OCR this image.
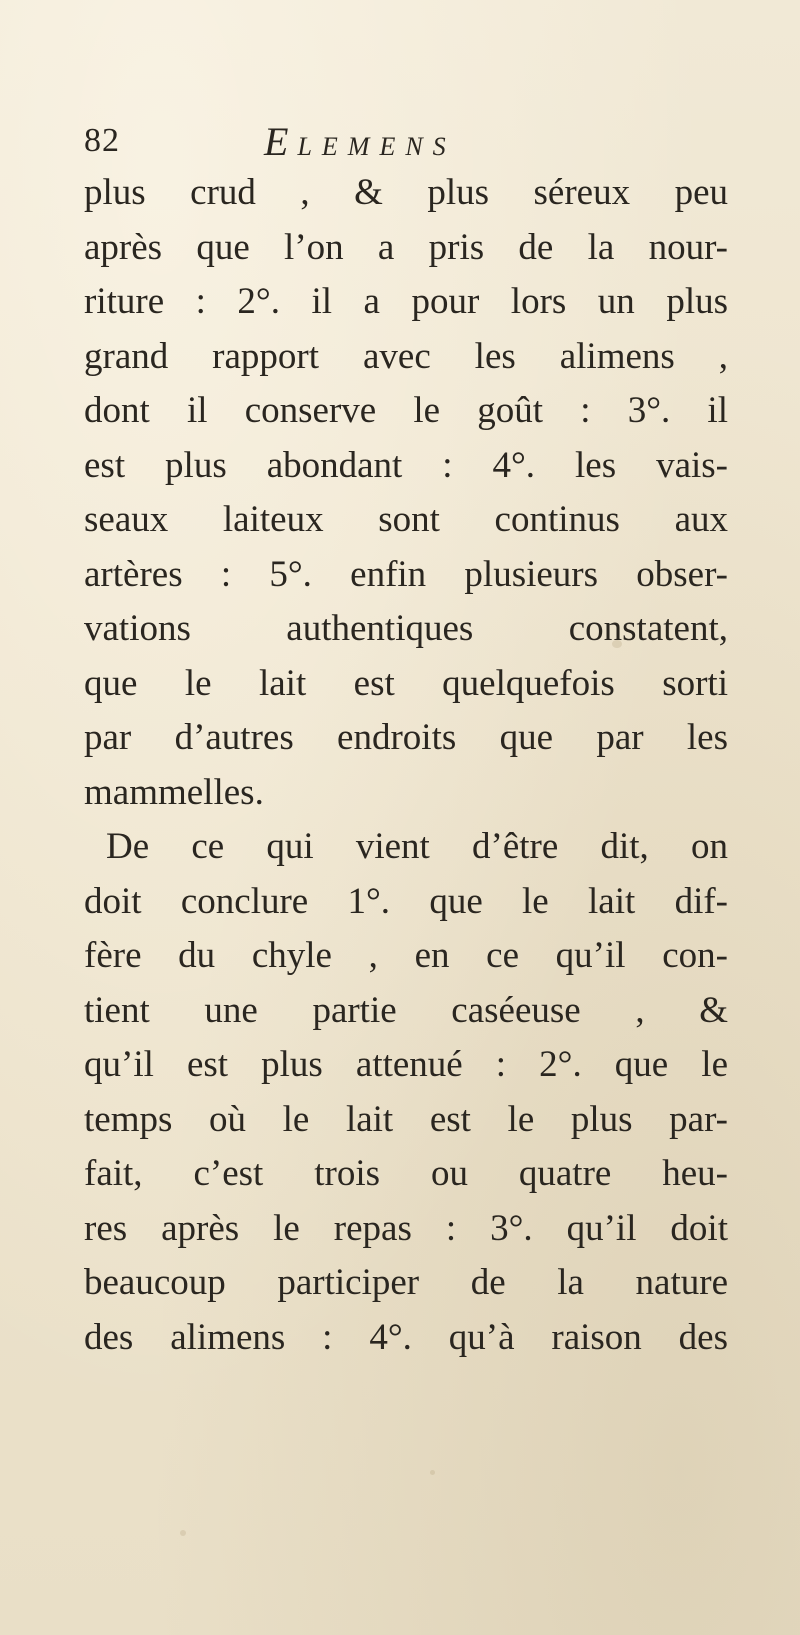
82	ELEMENS
plus crud , & plus séreux peu
après que l’on a pris de la nour-
riture : 2°. il a pour lors un plus
grand rapport avec les alimens ,
dont il conserve le goût : 3°. il
est plus abondant : 4°. les vais-
seaux laiteux sont continus aux
artères : 5°. enfin plusieurs obser-
vations authentiques constatent,
que le lait est quelquefois sorti
par d’autres endroits que par les
mammelles.
De ce qui vient d’être dit, on
doit conclure 1°. que le lait dif-
fère du chyle , en ce qu’il con-
tient une partie caséeuse , &
qu’il est plus attenué : 2°. que le
temps où le lait est le plus par-
fait, c’est trois ou quatre heu-
res après le repas : 3°. qu’il doit
beaucoup participer de la nature
des alimens : 4°. qu’à raison des
